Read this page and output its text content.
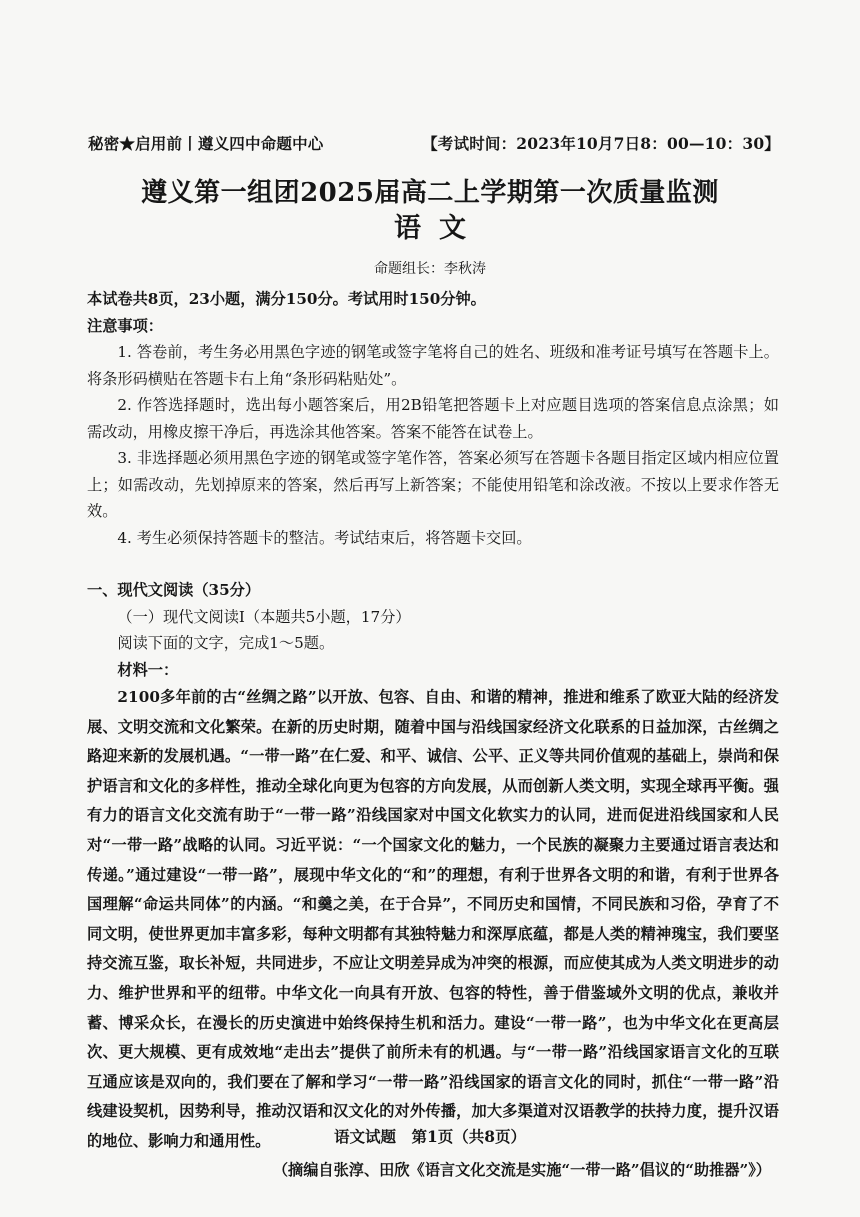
秘密★启用前丨遵义四中命题中心	【考试时间：2023年10月7日8：00—10：30】
遵义第一组团2025届高二上学期第一次质量监测
语文
命题组长：李秋涛

本试卷共8页，23小题，满分150分。考试用时150分钟。

注意事项：

1. 答卷前，考生务必用黑色字迹的钢笔或签字笔将自己的姓名、班级和准考证号填写在答题卡上。将条形码横贴在答题卡右上角“条形码粘贴处”。

2. 作答选择题时，选出每小题答案后，用2B铅笔把答题卡上对应题目选项的答案信息点涂黑；如需改动，用橡皮擦干净后，再选涂其他答案。答案不能答在试卷上。

3. 非选择题必须用黑色字迹的钢笔或签字笔作答，答案必须写在答题卡各题目指定区域内相应位置上；如需改动，先划掉原来的答案，然后再写上新答案；不能使用铅笔和涂改液。不按以上要求作答无效。

4. 考生必须保持答题卡的整洁。考试结束后，将答题卡交回。

一、现代文阅读（35分）

（一）现代文阅读Ⅰ（本题共5小题，17分）

阅读下面的文字，完成1～5题。

材料一：

2100多年前的古“丝绸之路”以开放、包容、自由、和谐的精神，推进和维系了欧亚大陆的经济发展、文明交流和文化繁荣。在新的历史时期，随着中国与沿线国家经济文化联系的日益加深，古丝绸之路迎来新的发展机遇。“一带一路”在仁爱、和平、诚信、公平、正义等共同价值观的基础上，崇尚和保护语言和文化的多样性，推动全球化向更为包容的方向发展，从而创新人类文明，实现全球再平衡。强有力的语言文化交流有助于“一带一路”沿线国家对中国文化软实力的认同，进而促进沿线国家和人民对“一带一路”战略的认同。习近平说：“一个国家文化的魅力，一个民族的凝聚力主要通过语言表达和传递。”通过建设“一带一路”，展现中华文化的“和”的理想，有利于世界各文明的和谐，有利于世界各国理解“命运共同体”的内涵。“和羹之美，在于合异”，不同历史和国情，不同民族和习俗，孕育了不同文明，使世界更加丰富多彩，每种文明都有其独特魅力和深厚底蕴，都是人类的精神瑰宝，我们要坚持交流互鉴，取长补短，共同进步，不应让文明差异成为冲突的根源，而应使其成为人类文明进步的动力、维护世界和平的纽带。中华文化一向具有开放、包容的特性，善于借鉴域外文明的优点，兼收并蓄、博采众长，在漫长的历史演进中始终保持生机和活力。建设“一带一路”，也为中华文化在更高层次、更大规模、更有成效地“走出去”提供了前所未有的机遇。与“一带一路”沿线国家语言文化的互联互通应该是双向的，我们要在了解和学习“一带一路”沿线国家的语言文化的同时，抓住“一带一路”沿线建设契机，因势利导，推动汉语和汉文化的对外传播，加大多渠道对汉语教学的扶持力度，提升汉语的地位、影响力和通用性。

（摘编自张淳、田欣《语言文化交流是实施“一带一路”倡议的“助推器”》）

语文试题　第1页（共8页）
